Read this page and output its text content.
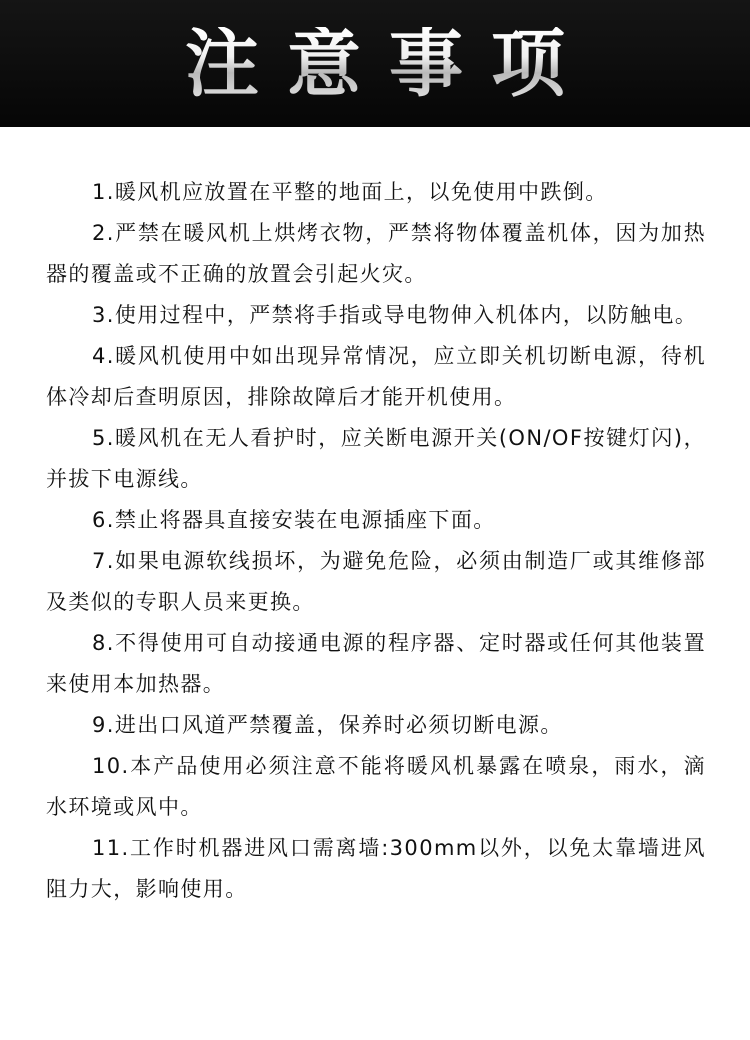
注意事项
1.暖风机应放置在平整的地面上，以免使用中跌倒。
2.严禁在暖风机上烘烤衣物，严禁将物体覆盖机体，因为加热器的覆盖或不正确的放置会引起火灾。
3.使用过程中，严禁将手指或导电物伸入机体内，以防触电。
4.暖风机使用中如出现异常情况，应立即关机切断电源，待机体冷却后查明原因，排除故障后才能开机使用。
5.暖风机在无人看护时，应关断电源开关(ON/OF按键灯闪)， 并拔下电源线。
6.禁止将器具直接安装在电源插座下面。
7.如果电源软线损坏，为避免危险，必须由制造厂或其维修部及类似的专职人员来更换。
8.不得使用可自动接通电源的程序器、定时器或任何其他装置来使用本加热器。
9.进出口风道严禁覆盖，保养时必须切断电源。
10.本产品使用必须注意不能将暖风机暴露在喷泉，雨水，滴水环境或风中。
11.工作时机器进风口需离墙:300mm以外，以免太靠墙进风阻力大，影响使用。
